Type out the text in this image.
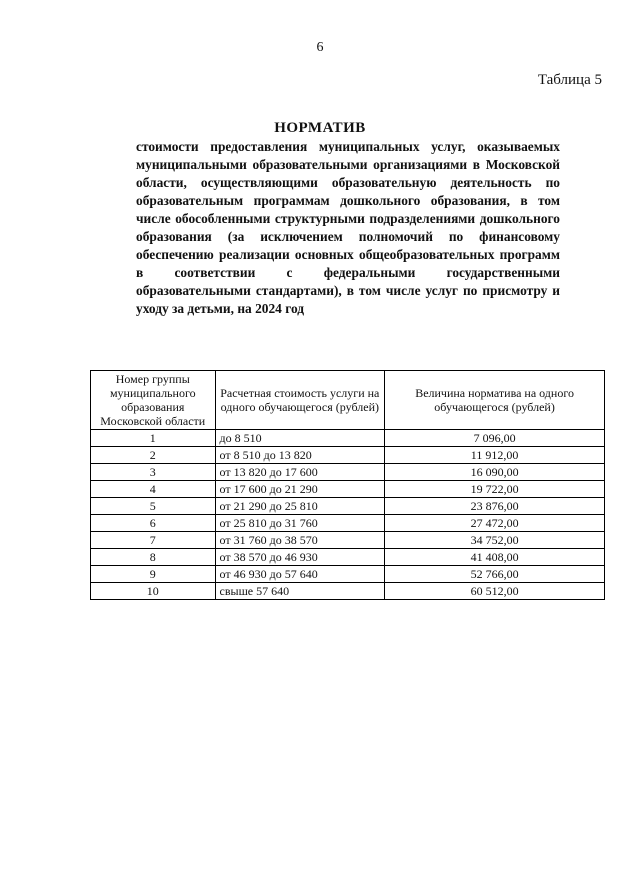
6
Таблица 5
НОРМАТИВ

стоимости предоставления муниципальных услуг, оказываемых муниципальными образовательными организациями в Московской области, осуществляющими образовательную деятельность по образовательным программам дошкольного образования, в том числе обособленными структурными подразделениями дошкольного образования (за исключением полномочий по финансовому обеспечению реализации основных общеобразовательных программ в соответствии с федеральными государственными образовательными стандартами), в том числе услуг по присмотру и уходу за детьми, на 2024 год

Номер группы муниципального образования Московской области	Расчетная стоимость услуги на одного обучающегося (рублей)	Величина норматива на одного обучающегося (рублей)
1	до 8 510	7 096,00
2	от 8 510 до 13 820	11 912,00
3	от 13 820 до 17 600	16 090,00
4	от 17 600 до 21 290	19 722,00
5	от 21 290 до 25 810	23 876,00
6	от 25 810 до 31 760	27 472,00
7	от 31 760 до 38 570	34 752,00
8	от 38 570 до 46 930	41 408,00
9	от 46 930 до 57 640	52 766,00
10	свыше 57 640	60 512,00
